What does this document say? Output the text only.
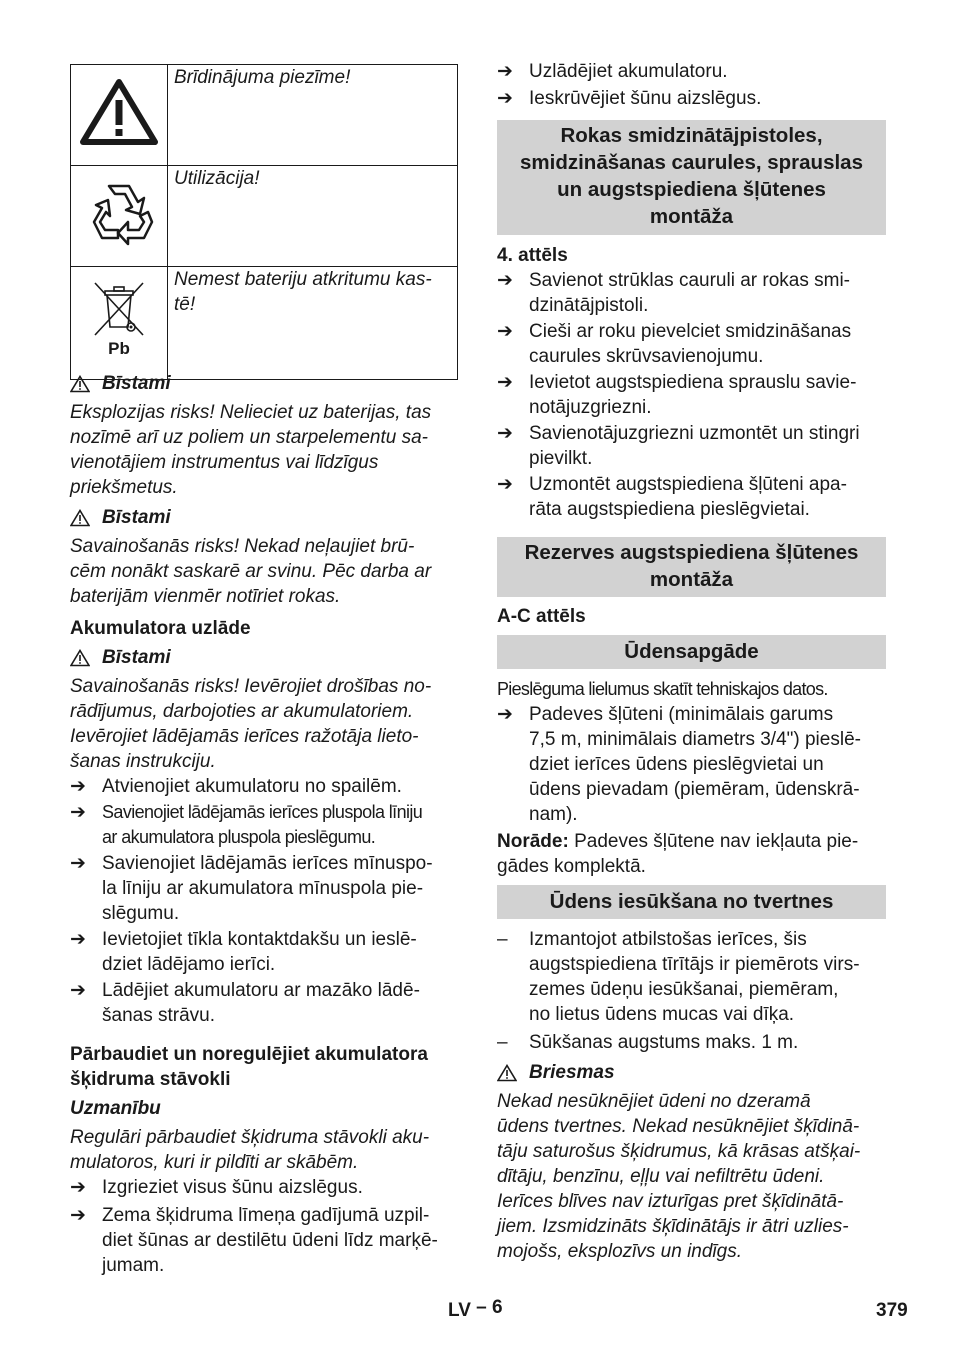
	Brīdinājuma piezīme!
	Utilizācija!

Pb	Nemest bateriju atkritumu kas-
tē!
Bīstami
Eksplozijas risks! Nelieciet uz baterijas, tas
nozīmē arī uz poliem un starpelementu sa-
vienotājiem instrumentus vai līdzīgus
priekšmetus.
Bīstami
Savainošanās risks! Nekad neļaujiet brū-
cēm nonākt saskarē ar svinu. Pēc darba ar
baterijām vienmēr notīriet rokas.
Akumulatora uzlāde
Bīstami
Savainošanās risks! Ievērojiet drošības no-
rādījumus, darbojoties ar akumulatoriem.
Ievērojiet lādējamās ierīces ražotāja lieto-
šanas instrukciju.
➔ Atvienojiet akumulatoru no spailēm.
➔ Savienojiet lādējamās ierīces pluspola līniju
ar akumulatora pluspola pieslēgumu.
➔ Savienojiet lādējamās ierīces mīnuspo-
la līniju ar akumulatora mīnuspola pie-
slēgumu.
➔ Ievietojiet tīkla kontaktdakšu un ieslē-
dziet lādējamo ierīci.
➔ Lādējiet akumulatoru ar mazāko lādē-
šanas strāvu.
Pārbaudiet un noregulējiet akumulatora
šķidruma stāvokli
Uzmanību
Regulāri pārbaudiet šķidruma stāvokli aku-
mulatoros, kuri ir pildīti ar skābēm.
➔ Izgrieziet visus šūnu aizslēgus.
➔ Zema šķidruma līmeņa gadījumā uzpil-
diet šūnas ar destilētu ūdeni līdz marķē-
jumam.
➔ Uzlādējiet akumulatoru.
➔ Ieskrūvējiet šūnu aizslēgus.
Rokas smidzinātājpistoles,
smidzināšanas caurules, sprauslas
un augstspiediena šļūtenes
montāža
4. attēls
➔ Savienot strūklas cauruli ar rokas smi-
dzinātājpistoli.
➔ Cieši ar roku pievelciet smidzināšanas
caurules skrūvsavienojumu.
➔ Ievietot augstspiediena sprauslu savie-
notājuzgriezni.
➔ Savienotājuzgriezni uzmontēt un stingri
pievilkt.
➔ Uzmontēt augstspiediena šļūteni apa-
rāta augstspiediena pieslēgvietai.
Rezerves augstspiediena šļūtenes
montāža
A-C attēls
Ūdensapgāde
Pieslēguma lielumus skatīt tehniskajos datos.
➔ Padeves šļūteni (minimālais garums
7,5 m, minimālais diametrs 3/4") pieslē-
dziet ierīces ūdens pieslēgvietai un
ūdens pievadam (piemēram, ūdenskrā-
nam).
Norāde: Padeves šļūtene nav iekļauta pie-
gādes komplektā.
Ūdens iesūkšana no tvertnes
–	Izmantojot atbilstošas ierīces, šis
augstspiediena tīrītājs ir piemērots virs-
zemes ūdeņu iesūkšanai, piemēram,
no lietus ūdens mucas vai dīķa.
–	Sūkšanas augstums maks. 1 m.
Briesmas
Nekad nesūknējiet ūdeni no dzeramā
ūdens tvertnes. Nekad nesūknējiet šķīdinā-
tāju saturošus šķidrumus, kā krāsas atšķai-
dītāju, benzīnu, eļļu vai nefiltrētu ūdeni.
Ierīces blīves nav izturīgas pret šķīdinātā-
jiem. Izsmidzināts šķīdinātājs ir ātri uzlies-
mojošs, eksplozīvs un indīgs.
LV – 6	379
